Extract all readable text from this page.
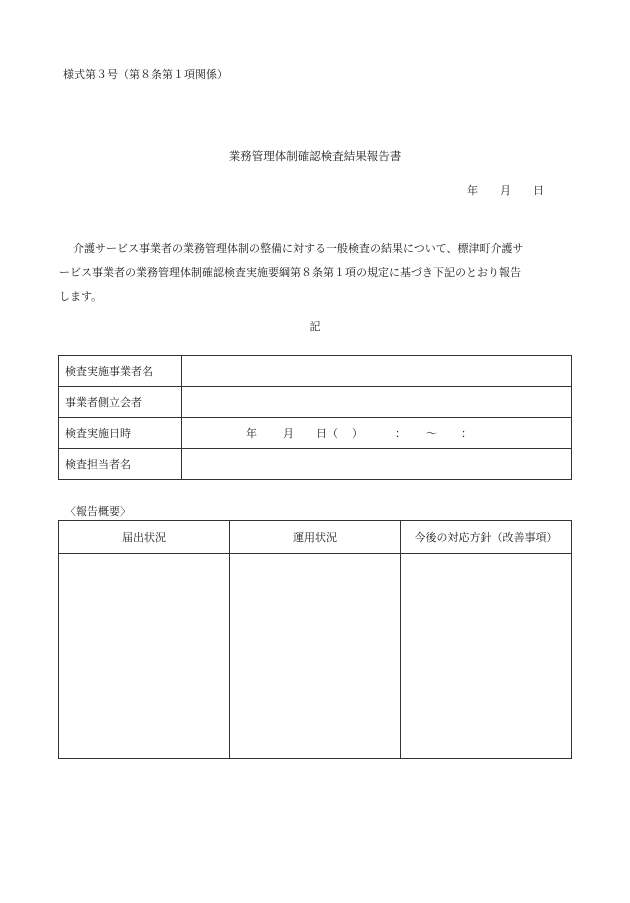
様式第３号（第８条第１項関係）
業務管理体制確認検査結果報告書
年 月 日

介護サービス事業者の業務管理体制の整備に対する一般検査の結果について、標津町介護サ

ービス事業者の業務管理体制確認検査実施要綱第８条第１項の規定に基づき下記のとおり報告

します。

記
検査実施事業者名	
事業者側立会者	
検査実施日時	年 月 日（ ） ： 〜 ：
検査担当者名	
〈報告概要〉
届出状況	運用状況	今後の対応方針（改善事項）
